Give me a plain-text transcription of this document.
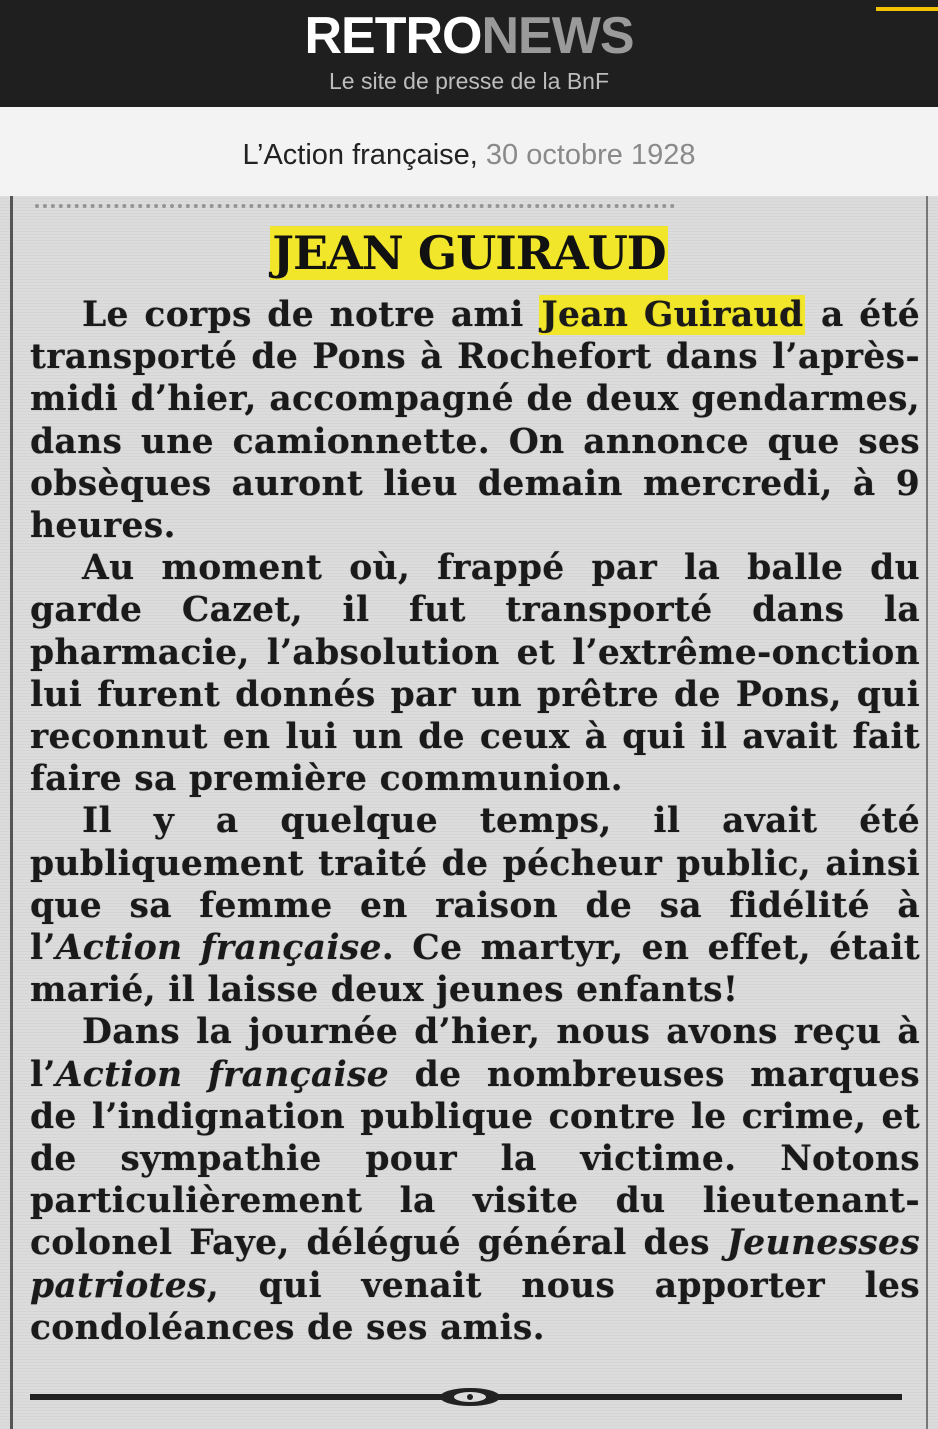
RETRONEWS
Le site de presse de la BnF
L’Action française, 30 octobre 1928
JEAN GUIRAUD

Le corps de notre ami Jean Guiraud a été transporté de Pons à Rochefort dans l’après-midi d’hier, accompagné de deux gendarmes, dans une camionnette. On annonce que ses obsèques auront lieu demain mercredi, à 9 heures.

Au moment où, frappé par la balle du garde Cazet, il fut transporté dans la pharmacie, l’absolution et l’extrême-onction lui furent donnés par un prêtre de Pons, qui reconnut en lui un de ceux à qui il avait fait faire sa première communion.

Il y a quelque temps, il avait été publiquement traité de pécheur public, ainsi que sa femme en raison de sa fidélité à l’Action française. Ce martyr, en effet, était marié, il laisse deux jeunes enfants!

Dans la journée d’hier, nous avons reçu à l’Action française de nombreuses marques de l’indignation publique contre le crime, et de sympathie pour la victime. Notons particulièrement la visite du lieutenant-colonel Faye, délégué général des Jeunesses patriotes, qui venait nous apporter les condoléances de ses amis.
